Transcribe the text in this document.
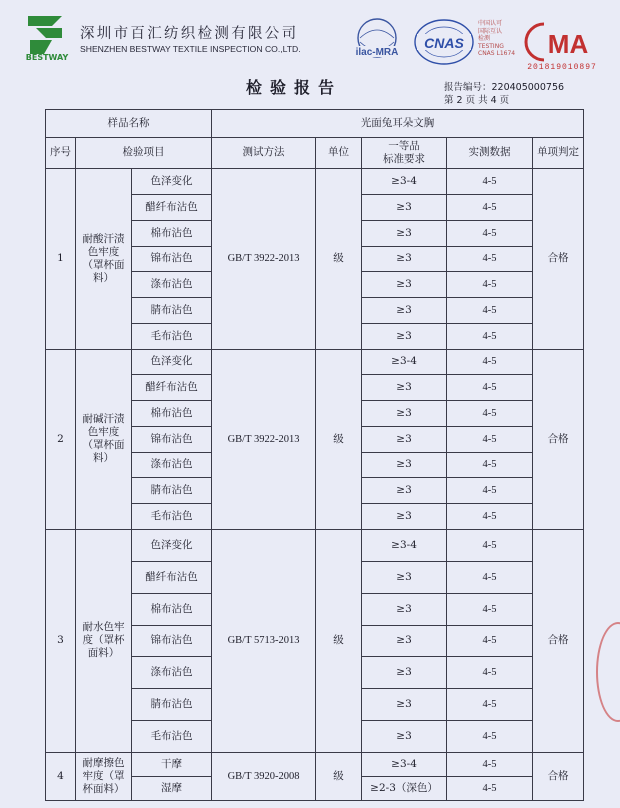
BESTWAY
深圳市百汇纺织检测有限公司
SHENZHEN BESTWAY TEXTILE INSPECTION CO.,LTD.	ilac-MRA
CNAS
中国认可
国际互认
检测
TESTING
CNAS L1674 MA
201819010897
检验报告	报告编号：220405000756
第 2 页 共 4 页
样品名称			光面兔耳朵文胸				
序号	检验项目		测试方法	单位	一等品
标准要求	实测数据	单项判定
1	耐酸汗渍色牢度（罩杯面料）	色泽变化	GB/T 3922-2013	级	≥3-4	4-5	合格
		醋纤布沾色			≥3	4-5	
		棉布沾色			≥3	4-5	
		锦布沾色			≥3	4-5	
		涤布沾色			≥3	4-5	
		腈布沾色			≥3	4-5	
		毛布沾色			≥3	4-5	
2	耐碱汗渍色牢度（罩杯面料）	色泽变化	GB/T 3922-2013	级	≥3-4	4-5	合格
		醋纤布沾色			≥3	4-5	
		棉布沾色			≥3	4-5	
		锦布沾色			≥3	4-5	
		涤布沾色			≥3	4-5	
		腈布沾色			≥3	4-5	
		毛布沾色			≥3	4-5	
3	耐水色牢度（罩杯面料）	色泽变化	GB/T 5713-2013	级	≥3-4	4-5	合格
		醋纤布沾色			≥3	4-5	
		棉布沾色			≥3	4-5	
		锦布沾色			≥3	4-5	
		涤布沾色			≥3	4-5	
		腈布沾色			≥3	4-5	
		毛布沾色			≥3	4-5	
4	耐摩擦色牢度（罩杯面料）	干摩	GB/T 3920-2008	级	≥3-4	4-5	合格
		湿摩			≥2-3（深色）	4-5	
